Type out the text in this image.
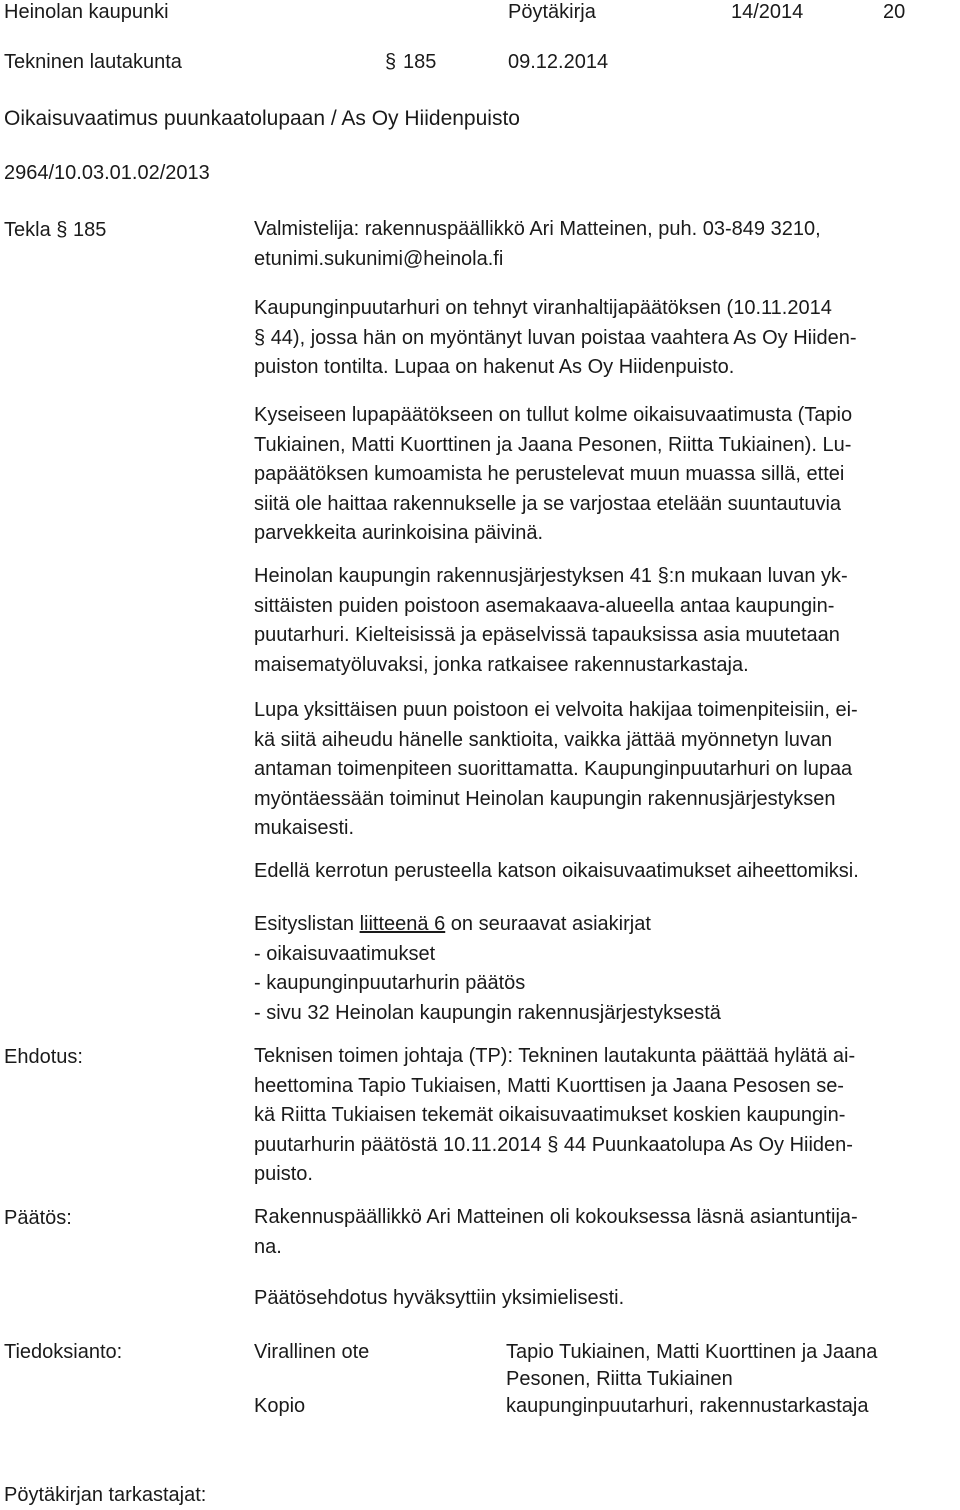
Heinolan kaupunki	Pöytäkirja	14/2014	20
Tekninen lautakunta	§ 185	09.12.2014
Oikaisuvaatimus puunkaatolupaan / As Oy Hiidenpuisto
2964/10.03.01.02/2013
Tekla § 185	Valmistelija: rakennuspäällikkö Ari Matteinen, puh. 03-849 3210,
etunimi.sukunimi@heinola.fi
Kaupunginpuutarhuri on tehnyt viranhaltijapäätöksen (10.11.2014
§ 44), jossa hän on myöntänyt luvan poistaa vaahtera As Oy Hiiden-
puiston tontilta. Lupaa on hakenut As Oy Hiidenpuisto.
Kyseiseen lupapäätökseen on tullut kolme oikaisuvaatimusta (Tapio
Tukiainen, Matti Kuorttinen ja Jaana Pesonen, Riitta Tukiainen). Lu-
papäätöksen kumoamista he perustelevat muun muassa sillä, ettei
siitä ole haittaa rakennukselle ja se varjostaa etelään suuntautuvia
parvekkeita aurinkoisina päivinä.
Heinolan kaupungin rakennusjärjestyksen 41 §:n mukaan luvan yk-
sittäisten puiden poistoon asemakaava-alueella antaa kaupungin-
puutarhuri. Kielteisissä ja epäselvissä tapauksissa asia muutetaan
maisematyöluvaksi, jonka ratkaisee rakennustarkastaja.
Lupa yksittäisen puun poistoon ei velvoita hakijaa toimenpiteisiin, ei-
kä siitä aiheudu hänelle sanktioita, vaikka jättää myönnetyn luvan
antaman toimenpiteen suorittamatta. Kaupunginpuutarhuri on lupaa
myöntäessään toiminut Heinolan kaupungin rakennusjärjestyksen
mukaisesti.
Edellä kerrotun perusteella katson oikaisuvaatimukset aiheettomiksi.
Esityslistan liitteenä 6 on seuraavat asiakirjat
- oikaisuvaatimukset
- kaupunginpuutarhurin päätös
- sivu 32 Heinolan kaupungin rakennusjärjestyksestä
Ehdotus:	Teknisen toimen johtaja (TP): Tekninen lautakunta päättää hylätä ai-
heettomina Tapio Tukiaisen, Matti Kuorttisen ja Jaana Pesosen se-
kä Riitta Tukiaisen tekemät oikaisuvaatimukset koskien kaupungin-
puutarhurin päätöstä 10.11.2014 § 44 Puunkaatolupa As Oy Hiiden-
puisto.
Päätös:	Rakennuspäällikkö Ari Matteinen oli kokouksessa läsnä asiantuntija-
na.
Päätösehdotus hyväksyttiin yksimielisesti.
Tiedoksianto:	Virallinen ote	Tapio Tukiainen, Matti Kuorttinen ja Jaana
Pesonen, Riitta Tukiainen
Kopio	kaupunginpuutarhuri, rakennustarkastaja
Pöytäkirjan tarkastajat:
